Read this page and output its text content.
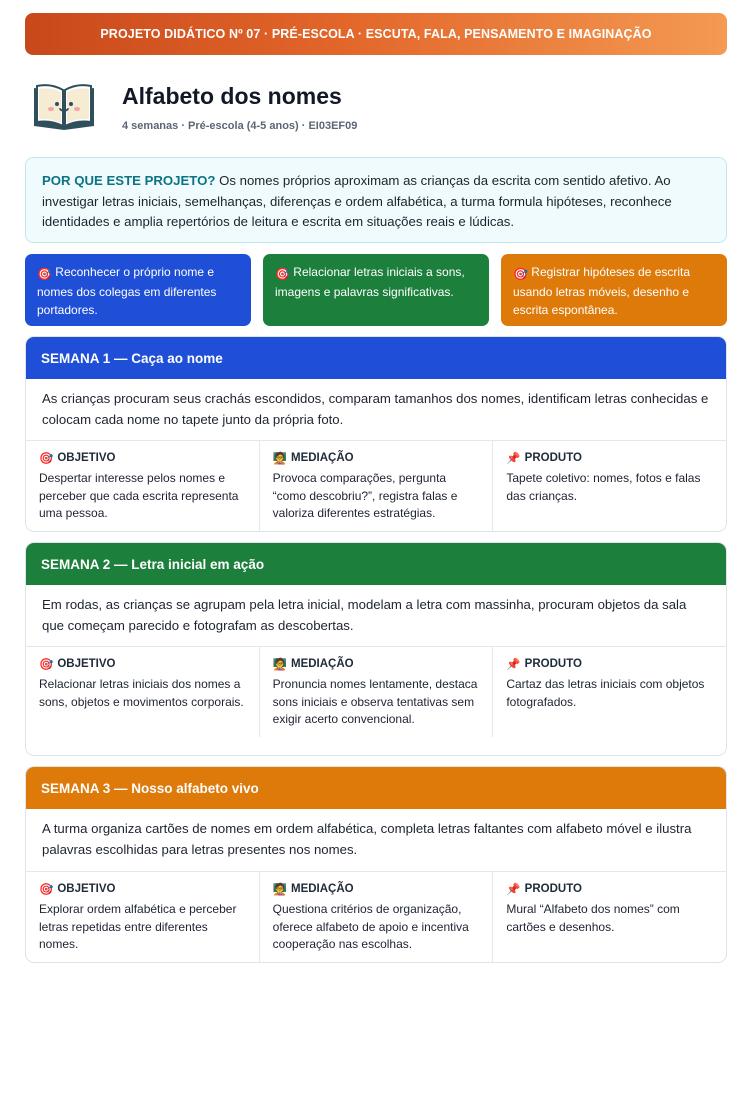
PROJETO DIDÁTICO Nº 07 · PRÉ-ESCOLA · ESCUTA, FALA, PENSAMENTO E IMAGINAÇÃO
Alfabeto dos nomes
4 semanas · Pré-escola (4-5 anos) · EI03EF09
POR QUE ESTE PROJETO? Os nomes próprios aproximam as crianças da escrita com sentido afetivo. Ao investigar letras iniciais, semelhanças, diferenças e ordem alfabética, a turma formula hipóteses, reconhece identidades e amplia repertórios de leitura e escrita em situações reais e lúdicas.
🎯 Reconhecer o próprio nome e nomes dos colegas em diferentes portadores.
🎯 Relacionar letras iniciais a sons, imagens e palavras significativas.
🎯 Registrar hipóteses de escrita usando letras móveis, desenho e escrita espontânea.
SEMANA 1 — Caça ao nome
As crianças procuram seus crachás escondidos, comparam tamanhos dos nomes, identificam letras conhecidas e colocam cada nome no tapete junto da própria foto.
🎯 OBJETIVO
Despertar interesse pelos nomes e perceber que cada escrita representa uma pessoa.
🧑‍🏫 MEDIAÇÃO
Provoca comparações, pergunta “como descobriu?”, registra falas e valoriza diferentes estratégias.
📌 PRODUTO
Tapete coletivo: nomes, fotos e falas das crianças.
SEMANA 2 — Letra inicial em ação
Em rodas, as crianças se agrupam pela letra inicial, modelam a letra com massinha, procuram objetos da sala que começam parecido e fotografam as descobertas.
🎯 OBJETIVO
Relacionar letras iniciais dos nomes a sons, objetos e movimentos corporais.
🧑‍🏫 MEDIAÇÃO
Pronuncia nomes lentamente, destaca sons iniciais e observa tentativas sem exigir acerto convencional.
📌 PRODUTO
Cartaz das letras iniciais com objetos fotografados.
SEMANA 3 — Nosso alfabeto vivo
A turma organiza cartões de nomes em ordem alfabética, completa letras faltantes com alfabeto móvel e ilustra palavras escolhidas para letras presentes nos nomes.
🎯 OBJETIVO
Explorar ordem alfabética e perceber letras repetidas entre diferentes nomes.
🧑‍🏫 MEDIAÇÃO
Questiona critérios de organização, oferece alfabeto de apoio e incentiva cooperação nas escolhas.
📌 PRODUTO
Mural “Alfabeto dos nomes” com cartões e desenhos.
